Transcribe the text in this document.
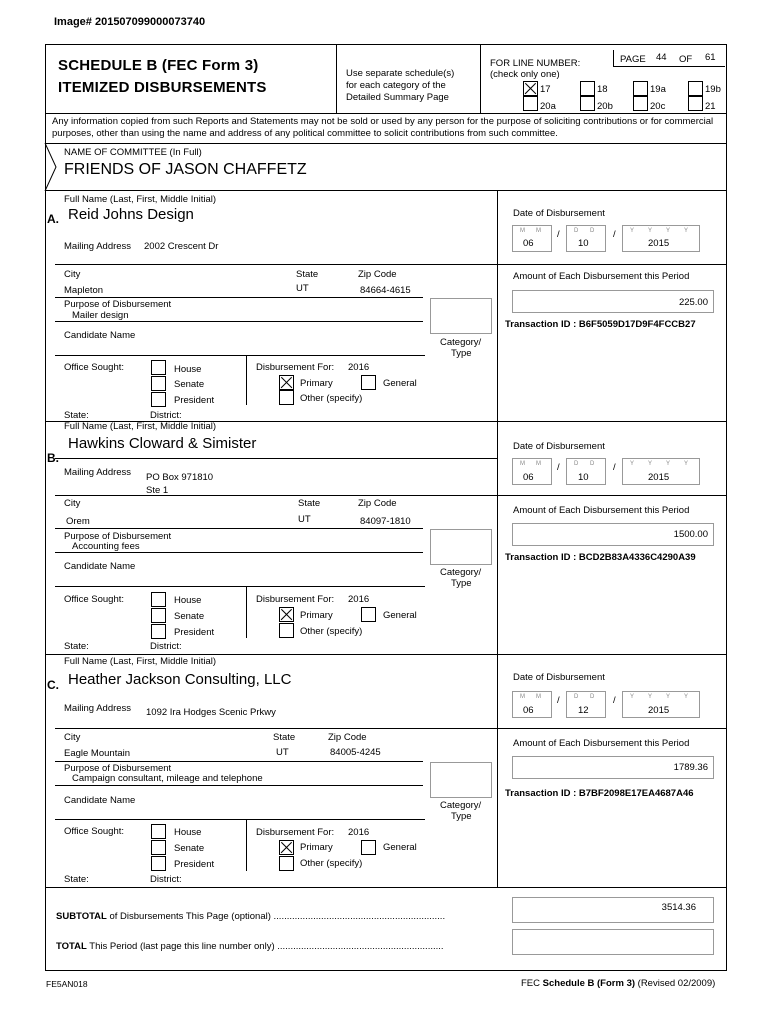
Image# 201507099000073740
SCHEDULE B (FEC Form 3)
ITEMIZED DISBURSEMENTS
Use separate schedule(s)
for each category of the
Detailed Summary Page
FOR LINE NUMBER:
(check only one)
PAGE 44 OF 61
17	18	19a	19b
20a	20b	20c	21
Any information copied from such Reports and Statements may not be sold or used by any person for the purpose of soliciting contributions or for commercial purposes, other than using the name and address of any political committee to solicit contributions from such committee.
NAME OF COMMITTEE (In Full)
FRIENDS OF JASON CHAFFETZ
Full Name (Last, First, Middle Initial)
A. Reid Johns Design	Date of Disbursement
M M
06
/ D D
10
/ Y Y Y Y
2015
Mailing Address 2002 Crescent Dr
City	State	Zip Code
Mapleton	UT	84664-4615
Amount of Each Disbursement this Period
225.00
Purpose of Disbursement
Mailer design
Transaction ID : B6F5059D17D9F4FCCB27
Candidate Name
Category/
Type
Office Sought:	House
Senate
President
Disbursement For: 2016
Primary	General
Other (specify)
State:	District:
Full Name (Last, First, Middle Initial)
B.
Hawkins Cloward & Simister	Date of Disbursement
M M
06
/ D D
10
/ Y Y Y Y
2015
Mailing Address PO Box 971810
Ste 1
City	State	Zip Code
Orem	UT	84097-1810
Amount of Each Disbursement this Period
1500.00
Purpose of Disbursement
Accounting fees
Transaction ID : BCD2B83A4336C4290A39
Candidate Name
Category/
Type
Office Sought:	House
Senate
President
Disbursement For: 2016
Primary	General
Other (specify)
State:	District:
Full Name (Last, First, Middle Initial)
C. Heather Jackson Consulting, LLC	Date of Disbursement
M M
06
/ D D
12
/ Y Y Y Y
2015
Mailing Address 1092 Ira Hodges Scenic Prkwy
City	State	Zip Code
Eagle Mountain	UT	84005-4245
Amount of Each Disbursement this Period
1789.36
Purpose of Disbursement
Campaign consultant, mileage and telephone
Transaction ID : B7BF2098E17EA4687A46
Candidate Name	Category/
Type
Office Sought:	House
Senate
President
Disbursement For: 2016
Primary	General
Other (specify)
State:	District:
SUBTOTAL of Disbursements This Page (optional) .................................................................
3514.36
TOTAL This Period (last page this line number only) ...............................................................
FE5AN018	FEC Schedule B (Form 3) (Revised 02/2009)
